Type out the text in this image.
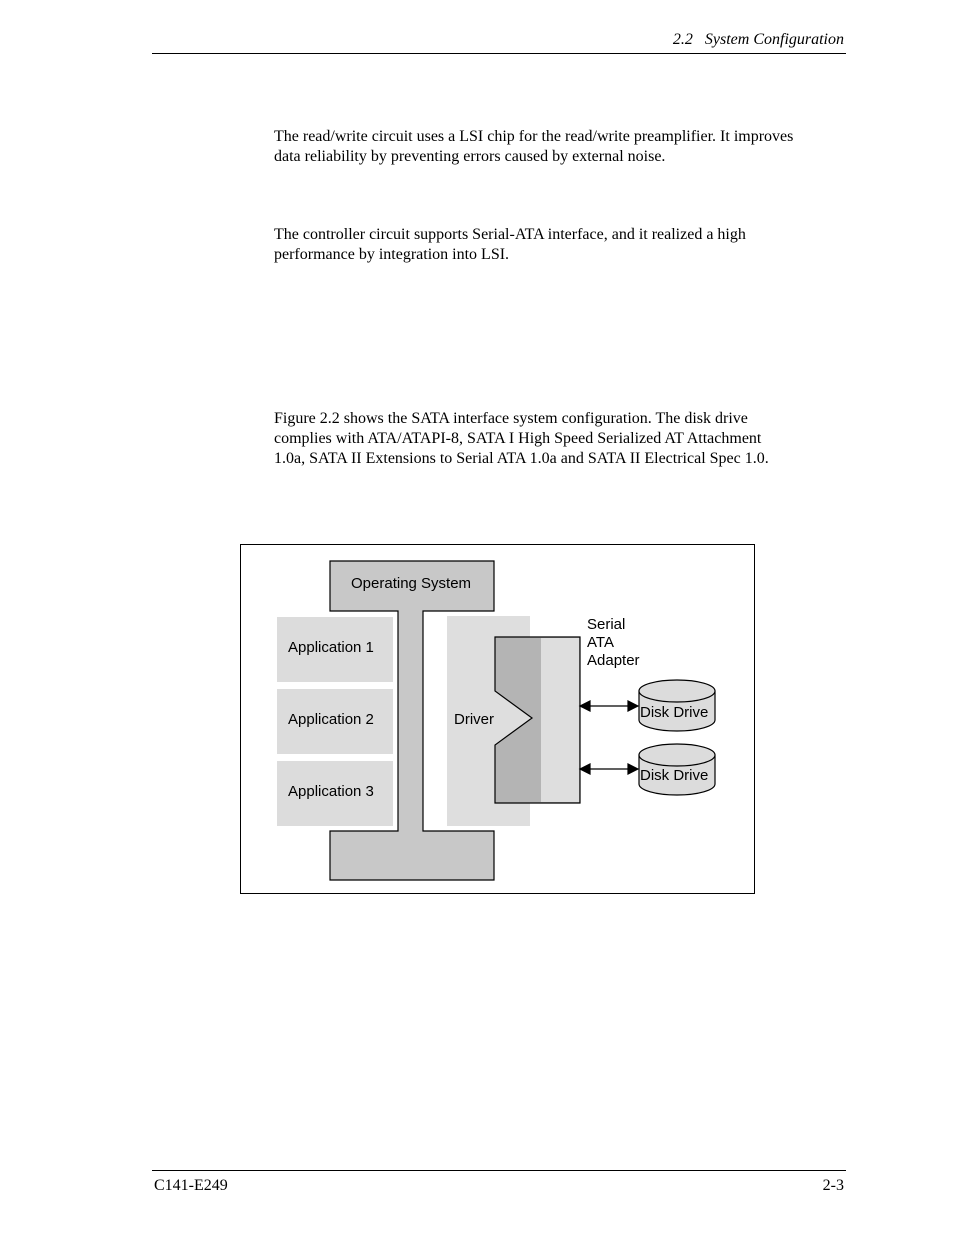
2.2   System Configuration

The read/write circuit uses a LSI chip for the read/write preamplifier. It improves
data reliability by preventing errors caused by external noise.

The controller circuit supports Serial-ATA interface, and it realized a high
performance by integration into LSI.

Figure 2.2 shows the SATA interface system configuration. The disk drive
complies with ATA/ATAPI-8, SATA I High Speed Serialized AT Attachment
1.0a, SATA II Extensions to Serial ATA 1.0a and SATA II Electrical Spec 1.0.

Application 1
Application 2
Application 3
Operating System
Driver
Serial
ATA
Adapter
Disk Drive
Disk Drive
C141-E249	2-3
